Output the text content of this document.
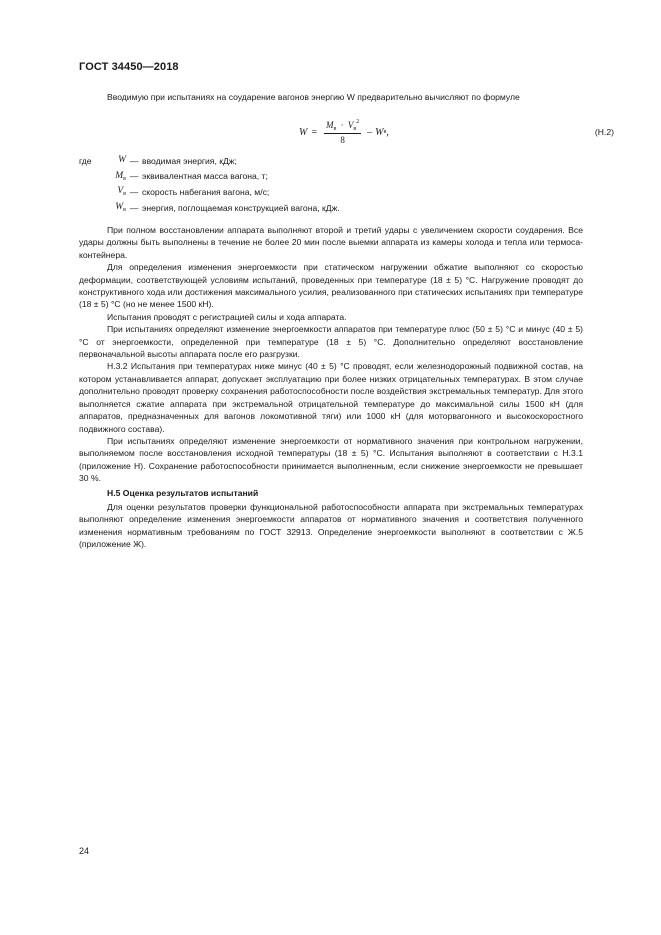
ГОСТ 34450—2018

Вводимую при испытаниях на соударение вагонов энергию W предварительно вычисляют по формуле

$W = \frac{M_в \cdot V_в^2}{8} - W$ в ,	(Н.2)
где	W — вводимая энергия, кДж;
$M_в$ — эквивалентная масса вагона, т;
$V_в$ — скорость набегания вагона, м/с;
$W_в$ — энергия, поглощаемая конструкцией вагона, кДж.

При полном восстановлении аппарата выполняют второй и третий удары с увеличением скорости соударения. Все удары должны быть выполнены в течение не более 20 мин после выемки аппарата из камеры холода и тепла или термоса-контейнера.

Для определения изменения энергоемкости при статическом нагружении обжатие выполняют со скоростью деформации, соответствующей условиям испытаний, проведенных при температуре (18 ± 5) °С. Нагружение проводят до конструктивного хода или достижения максимального усилия, реализованного при статических испытаниях при температуре (18 ± 5) °С (но не менее 1500 кН).

Испытания проводят с регистрацией силы и хода аппарата.

При испытаниях определяют изменение энергоемкости аппаратов при температуре плюс (50 ± 5) °С и минус (40 ± 5) °С от энергоемкости, определенной при температуре (18 ± 5) °С. Дополнительно определяют восстановление первоначальной высоты аппарата после его разгрузки.

Н.3.2 Испытания при температурах ниже минус (40 ± 5) °С проводят, если железнодорожный подвижной состав, на котором устанавливается аппарат, допускает эксплуатацию при более низких отрицательных температурах. В этом случае дополнительно проводят проверку сохранения работоспособности после воздействия экстремальных температур. Для этого выполняется сжатие аппарата при экстремальной отрицательной температуре до максимальной силы 1500 кН (для аппаратов, предназначенных для вагонов локомотивной тяги) или 1000 кН (для моторвагонного и высокоскоростного подвижного состава).

При испытаниях определяют изменение энергоемкости от нормативного значения при контрольном нагружении, выполняемом после восстановления исходной температуры (18 ± 5) °С. Испытания выполняют в соответствии с Н.3.1 (приложение Н). Сохранение работоспособности принимается выполненным, если снижение энергоемкости не превышает 30 %.

Н.5 Оценка результатов испытаний

Для оценки результатов проверки функциональной работоспособности аппарата при экстремальных температурах выполняют определение изменения энергоемкости аппаратов от нормативного значения и соответствия полученного изменения нормативным требованиям по ГОСТ 32913. Определение энергоемкости выполняют в соответствии с Ж.5 (приложение Ж).

24
